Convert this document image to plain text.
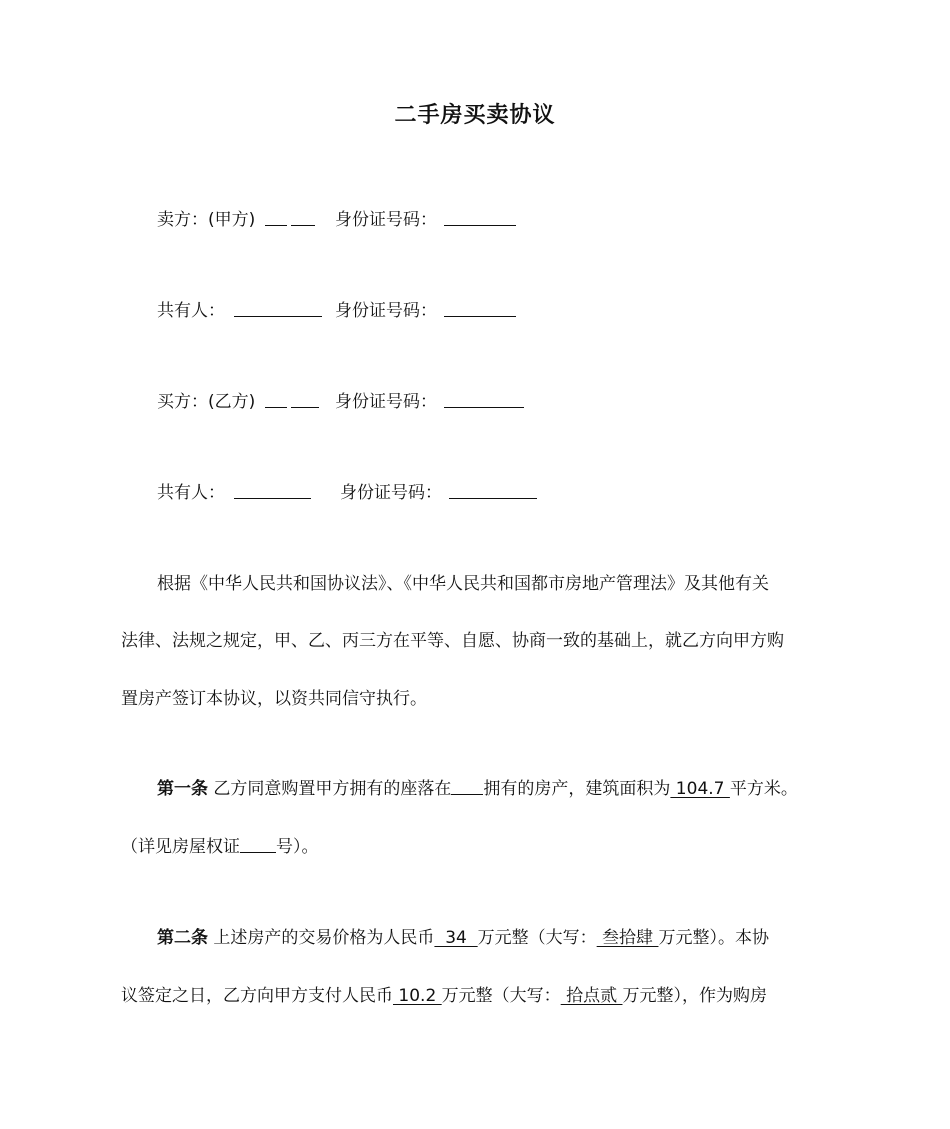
二手房买卖协议
卖方：(甲方)	身份证号码：
共有人：	身份证号码：
买方：(乙方)	身份证号码：
共有人：	身份证号码：
根据《中华人民共和国协议法》、《中华人民共和国都市房地产管理法》及其他有关
法律、法规之规定，甲、乙、丙三方在平等、自愿、协商一致的基础上，就乙方向甲方购
置房产签订本协议，以资共同信守执行。
第一条 乙方同意购置甲方拥有的座落在 拥有的房产，建筑面积为 104.7 平方米。
（详见房屋权证 号）。
第二条 上述房产的交易价格为人民币  34  万元整（大写： 叁拾肆 万元整）。本协
议签定之日，乙方向甲方支付人民币 10.2 万元整（大写： 拾点贰 万元整），作为购房
